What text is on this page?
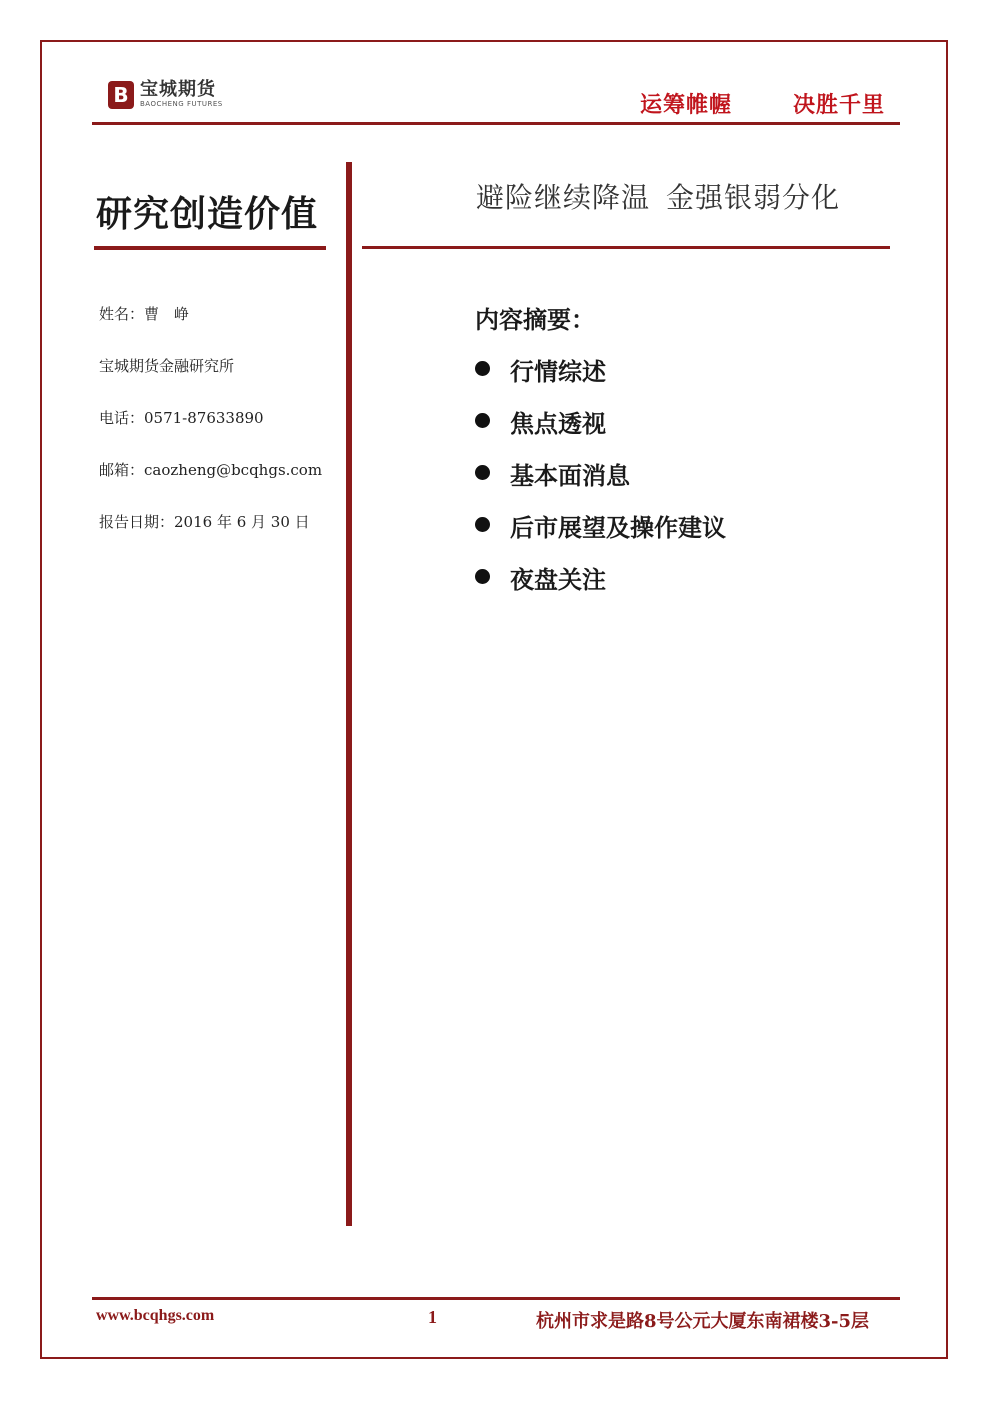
B 宝城期货
BAOCHENG FUTURES	运筹帷幄	决胜千里
研究创造价值
姓名：曹　峥
宝城期货金融研究所
电话：0571-87633890
邮箱：caozheng@bcqhgs.com
报告日期：2016 年 6 月 30 日
避险继续降温 金强银弱分化
内容摘要：
行情综述
焦点透视
基本面消息
后市展望及操作建议
夜盘关注
www.bcqhgs.com	1	杭州市求是路8号公元大厦东南裙楼3-5层
